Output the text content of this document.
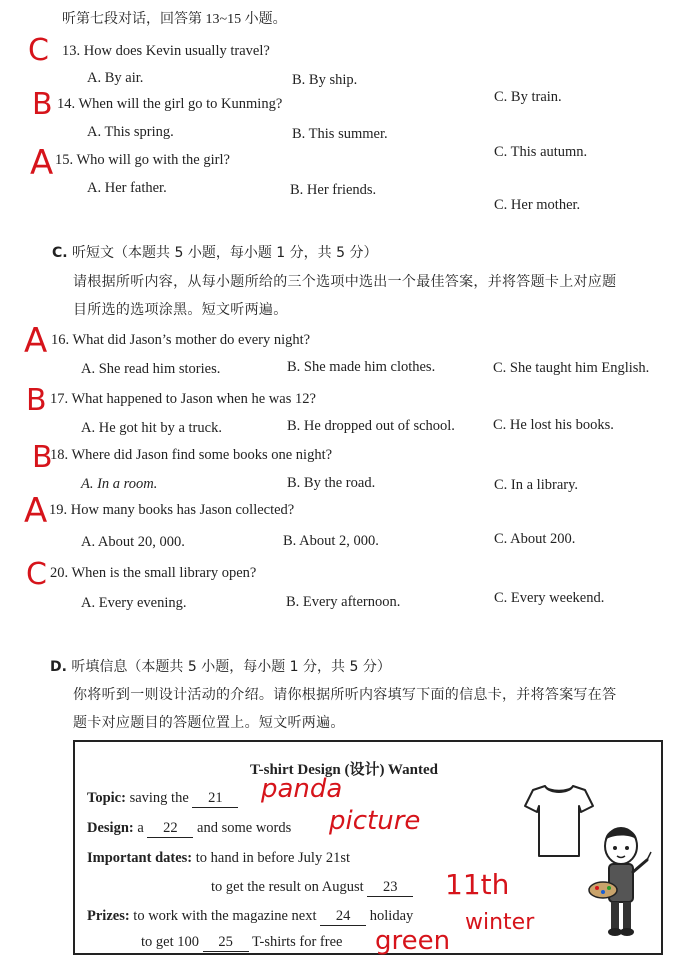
听第七段对话，回答第 13~15 小题。
C 13. How does Kevin usually travel?
A. By air.	B. By ship.
C. By train.
B 14. When will the girl go to Kunming?
A. This spring.	B. This summer.
C. This autumn.
A 15. Who will go with the girl?
A. Her father.	B. Her friends.
C. Her mother.
C. 听短文（本题共 5 小题，每小题 1 分，共 5 分）
请根据所听内容，从每小题所给的三个选项中选出一个最佳答案，并将答题卡上对应题
目所选的选项涂黑。短文听两遍。
A 16. What did Jason’s mother do every night?
A. She read him stories.	B. She made him clothes.	C. She taught him English.
B 17. What happened to Jason when he was 12?
A. He got hit by a truck.	B. He dropped out of school.	C. He lost his books.
B
18. Where did Jason find some books one night?
A. In a room.	B. By the road.	C. In a library.
A 19. How many books has Jason collected?
A. About 20, 000.	B. About 2, 000.	C. About 200.
C 20. When is the small library open?
A. Every evening.	B. Every afternoon.	C. Every weekend.
D. 听填信息（本题共 5 小题，每小题 1 分，共 5 分）
你将听到一则设计活动的介绍。请你根据所听内容填写下面的信息卡，并将答案写在答
题卡对应题目的答题位置上。短文听两遍。
T-shirt Design (设计) Wanted
Topic: saving the 21	panda
Design: a 22 and some words picture
Important dates: to hand in before July 21st
to get the result on August 23	11th
Prizes: to work with the magazine next 24 holiday winter
to get 100 25 T-shirts for free green
